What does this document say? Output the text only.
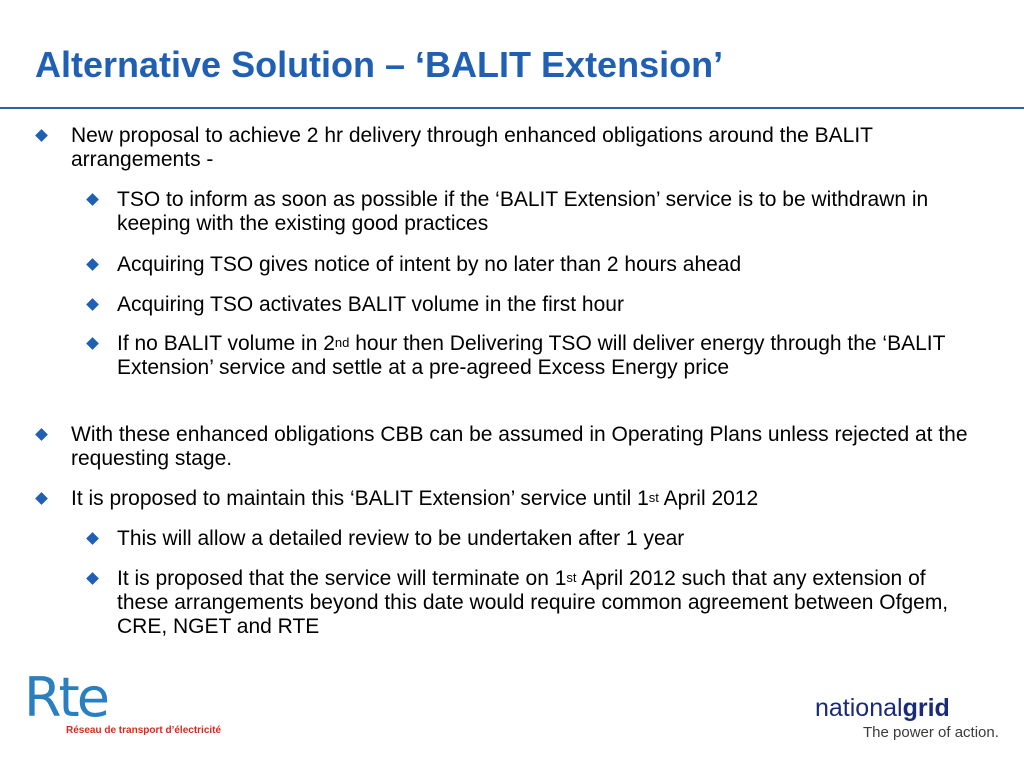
Alternative Solution – ‘BALIT Extension’
New proposal to achieve 2 hr delivery through enhanced obligations around the BALIT arrangements -
TSO to inform as soon as possible if the ‘BALIT Extension’ service is to be withdrawn in keeping with the existing good practices
Acquiring TSO gives notice of intent by no later than 2 hours ahead
Acquiring TSO activates BALIT volume in the first hour
If no BALIT volume in 2nd hour then Delivering TSO will deliver energy through the ‘BALIT Extension’ service and settle at a pre-agreed Excess Energy price
With these enhanced obligations CBB can be assumed in Operating Plans unless rejected at the requesting stage.
It is proposed to maintain this ‘BALIT Extension’ service until 1st April 2012
This will allow a detailed review to be undertaken after 1 year
It is proposed that the service will terminate on 1st April 2012 such that any extension of these arrangements beyond this date would require common agreement between Ofgem, CRE, NGET and RTE
Rte
Réseau de transport d’électricité
nationalgrid
The power of action.
